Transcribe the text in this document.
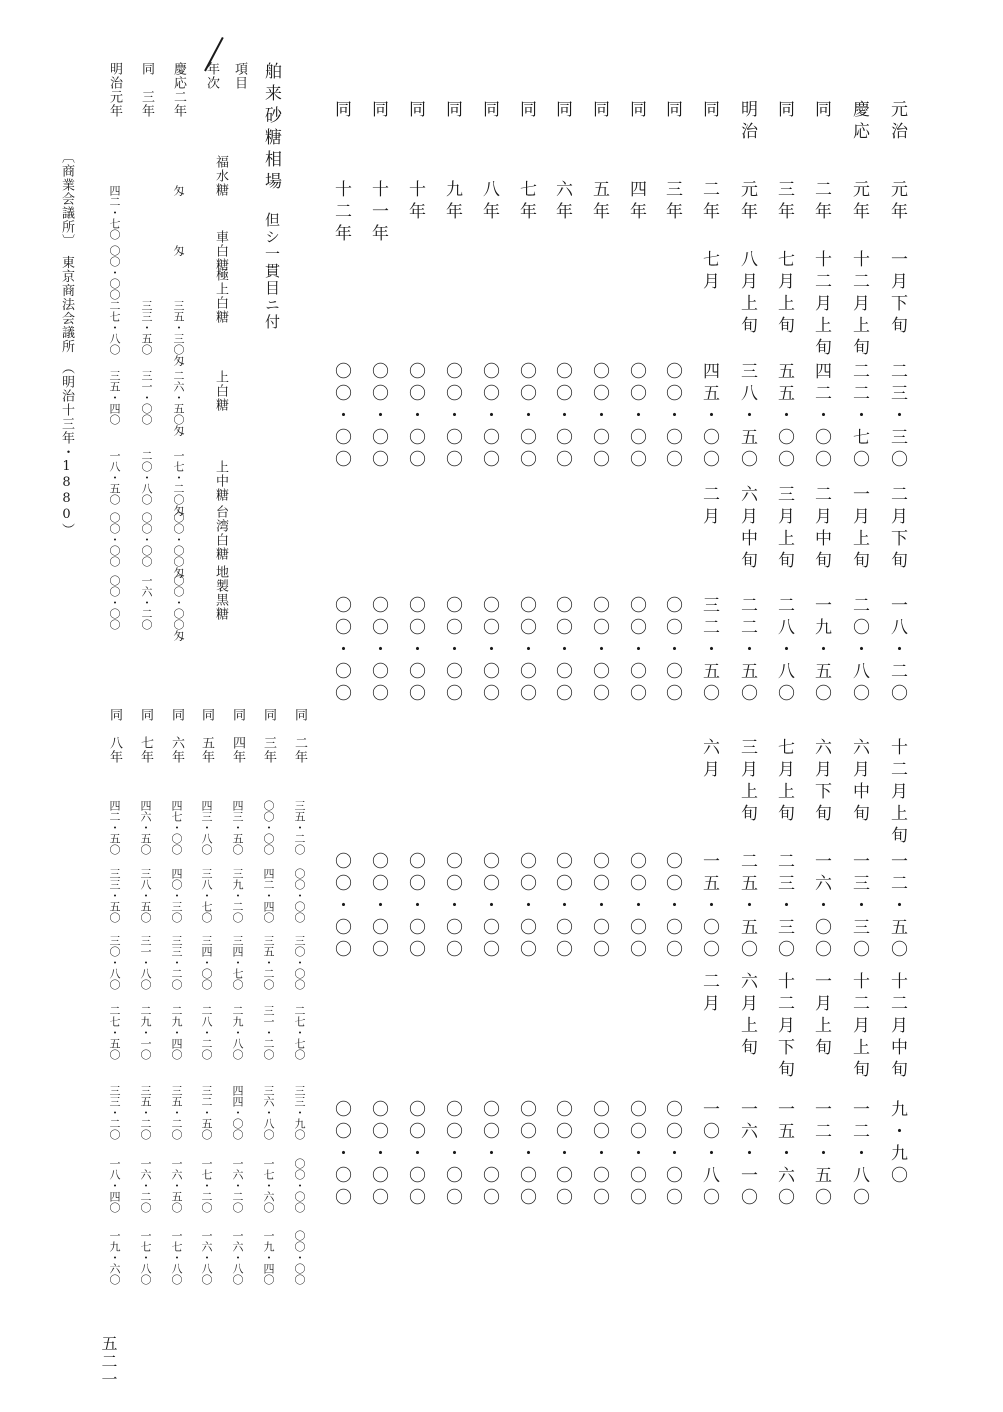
元治
元年
一月下旬
二三・三〇
二月下旬
一八・二〇
十二月上旬
一二・五〇
十二月中旬
九・九〇
慶応
元年
十二月上旬
二二・七〇
一月上旬
二〇・八〇
六月中旬
一三・三〇
十二月上旬
一二・八〇
同
二年
十二月上旬
四二・〇〇
二月中旬
一九・五〇
六月下旬
一六・〇〇
一月上旬
一二・五〇
同
三年
七月上旬
五五・〇〇
三月上旬
二八・八〇
七月上旬
二三・三〇
十二月下旬
一五・六〇
明治
元年
八月上旬
三八・五〇
六月中旬
二二・五〇
三月上旬
二五・五〇
六月上旬
一六・一〇
同
二年
七月
四五・〇〇
二月
三二・五〇
六月
一五・〇〇
二月
一〇・八〇
同
三年
〇〇・〇〇
〇〇・〇〇
〇〇・〇〇
〇〇・〇〇
同
四年
〇〇・〇〇
〇〇・〇〇
〇〇・〇〇
〇〇・〇〇
同
五年
〇〇・〇〇
〇〇・〇〇
〇〇・〇〇
〇〇・〇〇
同
六年
〇〇・〇〇
〇〇・〇〇
〇〇・〇〇
〇〇・〇〇
同
七年
〇〇・〇〇
〇〇・〇〇
〇〇・〇〇
〇〇・〇〇
同
八年
〇〇・〇〇
〇〇・〇〇
〇〇・〇〇
〇〇・〇〇
同
九年
〇〇・〇〇
〇〇・〇〇
〇〇・〇〇
〇〇・〇〇
同
十年
〇〇・〇〇
〇〇・〇〇
〇〇・〇〇
〇〇・〇〇
同
十一年
〇〇・〇〇
〇〇・〇〇
〇〇・〇〇
〇〇・〇〇
同
十二年
〇〇・〇〇
〇〇・〇〇
〇〇・〇〇
〇〇・〇〇
舶来砂糖相場
但シ一貫目ニ付
項目
年次
福水糖
車白糖
極上白糖
上白糖
上中糖
台湾白糖
地製黒糖
慶応二年
匁
匁
三五・三〇匁
二六・五〇匁
一七・二〇匁
〇〇・〇〇匁
〇〇・〇〇匁
同　三年
三三・五〇
三一・〇〇
二〇・八〇
〇〇・〇〇
一六・二〇
明治元年
四二・七〇
〇〇・〇〇
二七・八〇
三五・四〇
一八・五〇
〇〇・〇〇
〇〇・〇〇
同　二年
三五・二〇
〇〇・〇〇
三〇・〇〇
二七・七〇
三三・九〇
〇〇・〇〇
〇〇・〇〇
同　三年
〇〇・〇〇
四二・四〇
三五・二〇
三一・二〇
三六・八〇
一七・六〇
一九・四〇
同　四年
四三・五〇
三九・二〇
三四・七〇
二九・八〇
四四・〇〇
一六・二〇
一六・八〇
同　五年
四三・八〇
三八・七〇
三四・〇〇
二八・二〇
三二・五〇
一七・二〇
一六・八〇
同　六年
四七・〇〇
四〇・三〇
三三・二〇
二九・四〇
三五・二〇
一六・五〇
一七・八〇
同　七年
四六・五〇
三八・五〇
三一・八〇
二九・一〇
三五・二〇
一六・二〇
一七・八〇
同　八年
四二・五〇
三三・五〇
三〇・八〇
二七・五〇
三三・二〇
一八・四〇
一九・六〇
〔商業会議所〕　東京商法会議所　（明治十三年・1880）
五二一
